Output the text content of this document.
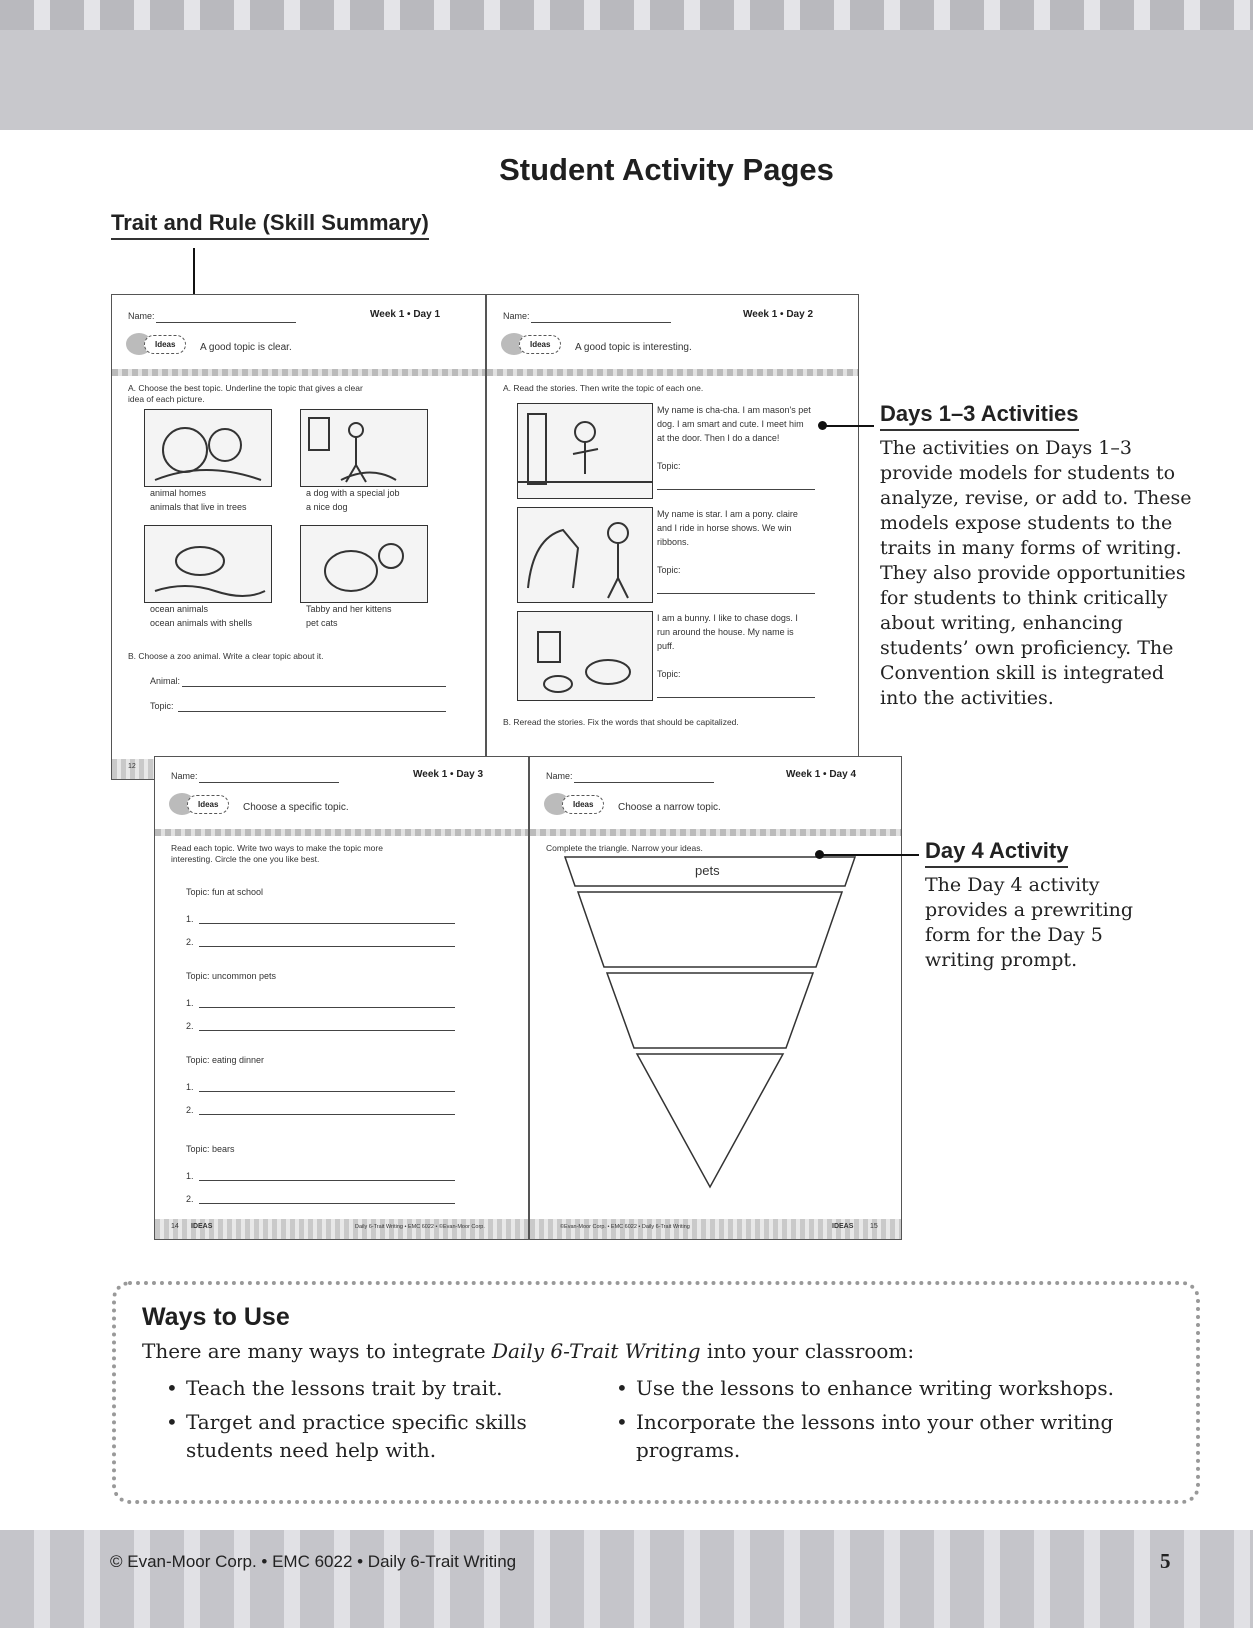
Student Activity Pages
Trait and Rule (Skill Summary)
Name:	Week 1 • Day 1
Ideas	A good topic is clear.
A. Choose the best topic. Underline the topic that gives a clear idea of each picture.
animal homes
animals that live in trees
a dog with a special job
a nice dog
ocean animals
ocean animals with shells
Tabby and her kittens
pet cats
B. Choose a zoo animal. Write a clear topic about it.
Animal:
Topic:
12
Name:	Week 1 • Day 2
Ideas	A good topic is interesting.
A. Read the stories. Then write the topic of each one.
My name is cha-cha. I am mason's pet dog. I am smart and cute. I meet him at the door. Then I do a dance!
Topic:
My name is star. I am a pony. claire and I ride in horse shows. We win ribbons.
Topic:
I am a bunny. I like to chase dogs. I run around the house. My name is puff.
Topic:
B. Reread the stories. Fix the words that should be capitalized.
Days 1–3 Activities
The activities on Days 1–3 provide models for students to analyze, revise, or add to. These models expose students to the traits in many forms of writing. They also provide opportunities for students to think critically about writing, enhancing students’ own proficiency. The Convention skill is integrated into the activities.
Name:	Week 1 • Day 3
Ideas	Choose a specific topic.
Read each topic. Write two ways to make the topic more interesting. Circle the one you like best.
Topic: fun at school
1.
2.
Topic: uncommon pets
1.
2.
Topic: eating dinner
1.
2.
Topic: bears
1.
2.
14 IDEAS	Daily 6-Trait Writing • EMC 6022 • ©Evan-Moor Corp.
Name:	Week 1 • Day 4
Ideas	Choose a narrow topic.
Complete the triangle. Narrow your ideas.
pets
©Evan-Moor Corp. • EMC 6022 • Daily 6-Trait Writing	IDEAS 15
Day 4 Activity
The Day 4 activity provides a prewriting form for the Day 5 writing prompt.
Ways to Use
There are many ways to integrate Daily 6-Trait Writing into your classroom:
• Teach the lessons trait by trait.
• Target and practice specific skills students need help with.
• Use the lessons to enhance writing workshops.
• Incorporate the lessons into your other writing programs.
© Evan-Moor Corp. • EMC 6022 • Daily 6-Trait Writing	5
